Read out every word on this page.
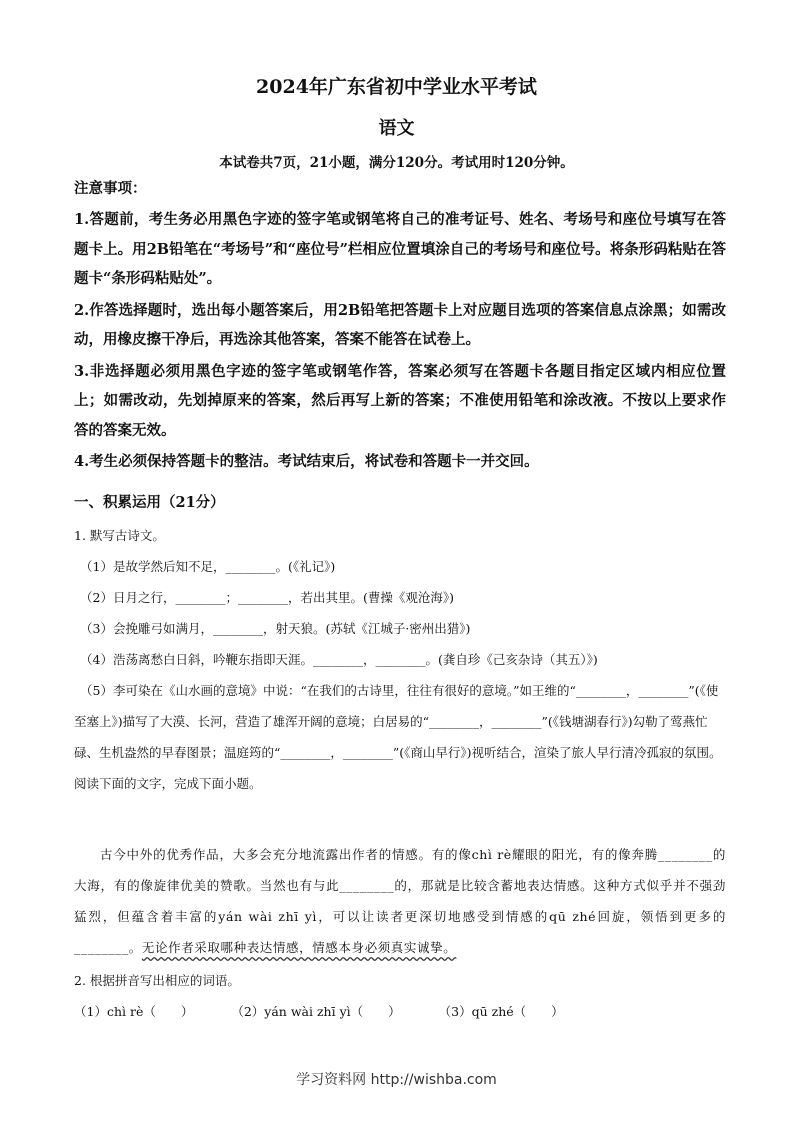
2024年广东省初中学业水平考试
语文
本试卷共7页，21小题，满分120分。考试用时120分钟。
注意事项：
1.答题前，考生务必用黑色字迹的签字笔或钢笔将自己的准考证号、姓名、考场号和座位号填写在答题卡上。用2B铅笔在“考场号”和“座位号”栏相应位置填涂自己的考场号和座位号。将条形码粘贴在答题卡“条形码粘贴处”。
2.作答选择题时，选出每小题答案后，用2B铅笔把答题卡上对应题目选项的答案信息点涂黑；如需改动，用橡皮擦干净后，再选涂其他答案，答案不能答在试卷上。
3.非选择题必须用黑色字迹的签字笔或钢笔作答，答案必须写在答题卡各题目指定区域内相应位置上；如需改动，先划掉原来的答案，然后再写上新的答案；不准使用铅笔和涂改液。不按以上要求作答的答案无效。
4.考生必须保持答题卡的整洁。考试结束后，将试卷和答题卡一并交回。
一、积累运用（21分）
1. 默写古诗文。
（1）是故学然后知不足，________。(《礼记》)
（2）日月之行，________；________，若出其里。(曹操《观沧海》)
（3）会挽雕弓如满月，________，射天狼。(苏轼《江城子·密州出猎》)
（4）浩荡离愁白日斜，吟鞭东指即天涯。________，________。(龚自珍《己亥杂诗（其五）》)
（5）李可染在《山水画的意境》中说：“在我们的古诗里，往往有很好的意境。”如王维的“________，________”(《使至塞上》)描写了大漠、长河，营造了雄浑开阔的意境；白居易的“________，________”(《钱塘湖春行》)勾勒了莺燕忙碌、生机盎然的早春图景；温庭筠的“________，________”(《商山早行》)视听结合，渲染了旅人早行清冷孤寂的氛围。
阅读下面的文字，完成下面小题。
古今中外的优秀作品，大多会充分地流露出作者的情感。有的像chì rè耀眼的阳光，有的像奔腾________的大海，有的像旋律优美的赞歌。当然也有与此________的，那就是比较含蓄地表达情感。这种方式似乎并不强劲猛烈，但蕴含着丰富的yán wài zhī yì，可以让读者更深切地感受到情感的qū zhé回旋，领悟到更多的________。无论作者采取哪种表达情感，情感本身必须真实诚挚。
2. 根据拼音写出相应的词语。
（1）chì rè（　　）	（2）yán wài zhī yì（　　）	（3）qū zhé（　　）
学习资料网 http://wishba.com
